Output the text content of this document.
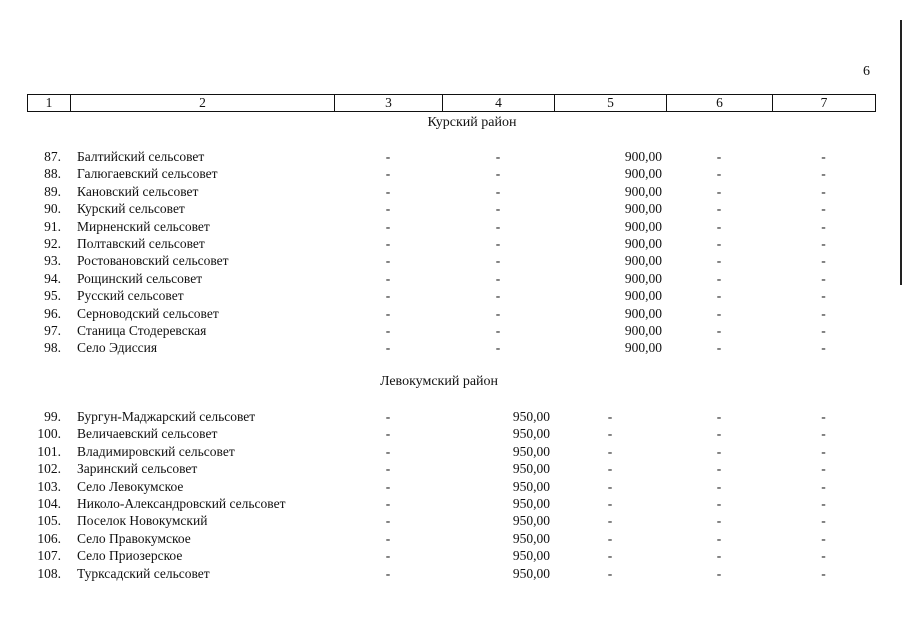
6
1	2	3	4	5	6	7
Курский район
87. Балтийский сельсовет	-	-	900,00	-	-
88. Галюгаевский сельсовет	-	-	900,00	-	-
89. Кановский сельсовет	-	-	900,00	-	-
90. Курский сельсовет	-	-	900,00	-	-
91. Мирненский сельсовет	-	-	900,00	-	-
92. Полтавский сельсовет	-	-	900,00	-	-
93. Ростовановский сельсовет	-	-	900,00	-	-
94. Рощинский сельсовет	-	-	900,00	-	-
95. Русский сельсовет	-	-	900,00	-	-
96. Серноводский сельсовет	-	-	900,00	-	-
97. Станица Стодеревская	-	-	900,00	-	-
98. Село Эдиссия	-	-	900,00	-	-
Левокумский район
99. Бургун-Маджарский сельсовет	-	950,00	-	-	-
100. Величаевский сельсовет	-	950,00	-	-	-
101. Владимировский сельсовет	-	950,00	-	-	-
102. Заринский сельсовет	-	950,00	-	-	-
103. Село Левокумское	-	950,00	-	-	-
104. Николо-Александровский сельсовет	-	950,00	-	-	-
105. Поселок Новокумский	-	950,00	-	-	-
106. Село Правокумское	-	950,00	-	-	-
107. Село Приозерское	-	950,00	-	-	-
108. Турксадский сельсовет	-	950,00	-	-	-
